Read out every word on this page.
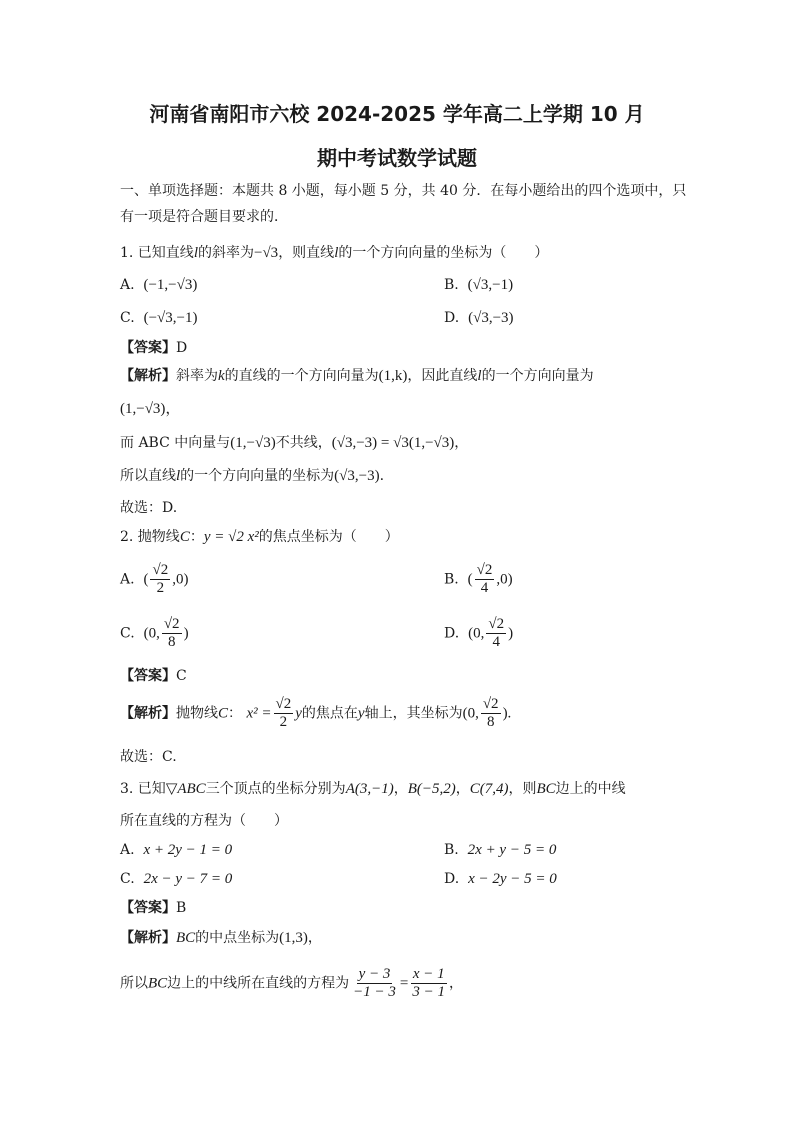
河南省南阳市六校 2024-2025 学年高二上学期 10 月
期中考试数学试题
一、单项选择题：本题共 8 小题，每小题 5 分，共 40 分．在每小题给出的四个选项中，只
有一项是符合题目要求的．
1. 已知直线l的斜率为−√3，则直线l的一个方向向量的坐标为（　　）
A. (−1,−√3)	B. (√3,−1)
C. (−√3,−1)	D. (√3,−3)
【答案】D
【解析】斜率为k的直线的一个方向向量为(1,k)，因此直线l的一个方向向量为
(1,−√3)，
而 ABC 中向量与(1,−√3)不共线，(√3,−3) = √3(1,−√3)，
所以直线l的一个方向向量的坐标为(√3,−3).
故选：D.
2. 抛物线C：y = √2 x²的焦点坐标为（　　）
A. ( $\frac{√2}{2} ,0$)	B. ( $\frac{√2}{4} ,0$)
C. (0, $\frac{√2}{8}$ )	D. (0, $\frac{√2}{4}$ )
【答案】C
【解析】抛物线C： $x^2 = \frac{√2}{2}$ y的焦点在y轴上，其坐标为(0, $\frac{√2}{8}$ ).
故选：C.
3. 已知▽ABC三个顶点的坐标分别为A(3,−1)，B(−5,2)，C(7,4)，则BC边上的中线
所在直线的方程为（　　）
A. x + 2y − 1 = 0	B. 2x + y − 5 = 0
C. 2x − y − 7 = 0	D. x − 2y − 5 = 0
【答案】B
【解析】BC的中点坐标为(1,3)，
所以BC边上的中线所在直线的方程为 $\frac{y - 3}{-1 - 3} = \frac{x - 1}{3 - 1}$ ，
